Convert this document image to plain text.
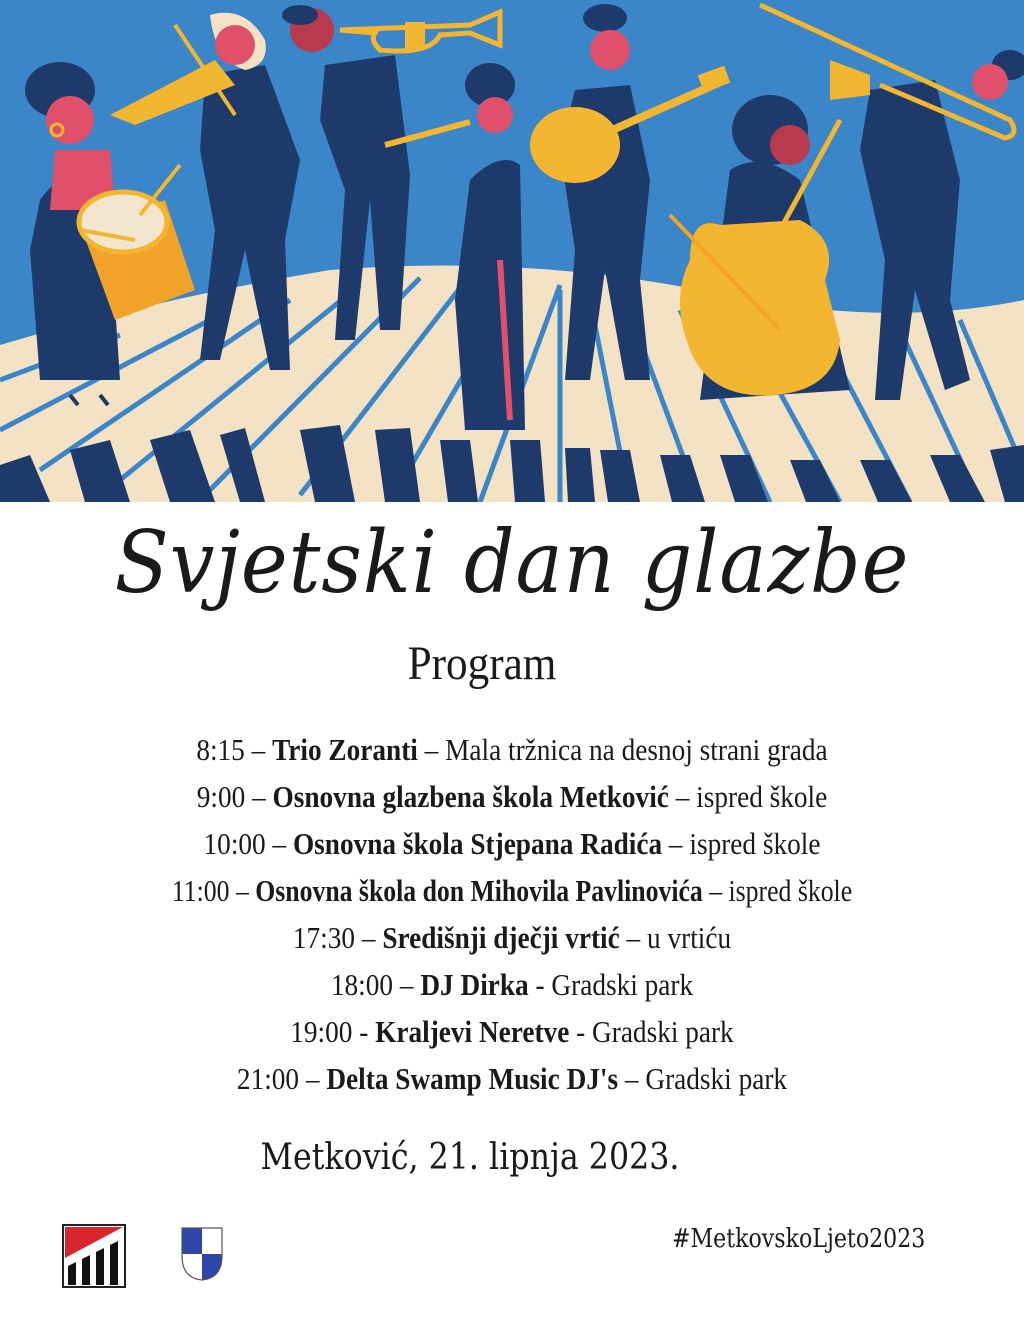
Svjetski dan glazbe
Program
8:15 – Trio Zoranti – Mala tržnica na desnoj strani grada
9:00 – Osnovna glazbena škola Metković – ispred škole
10:00 – Osnovna škola Stjepana Radića – ispred škole
11:00 – Osnovna škola don Mihovila Pavlinovića – ispred škole
17:30 – Središnji dječji vrtić – u vrtiću
18:00 – DJ Dirka - Gradski park
19:00 - Kraljevi Neretve - Gradski park
21:00 – Delta Swamp Music DJ's – Gradski park
Metković, 21. lipnja 2023.
#MetkovskoLjeto2023
